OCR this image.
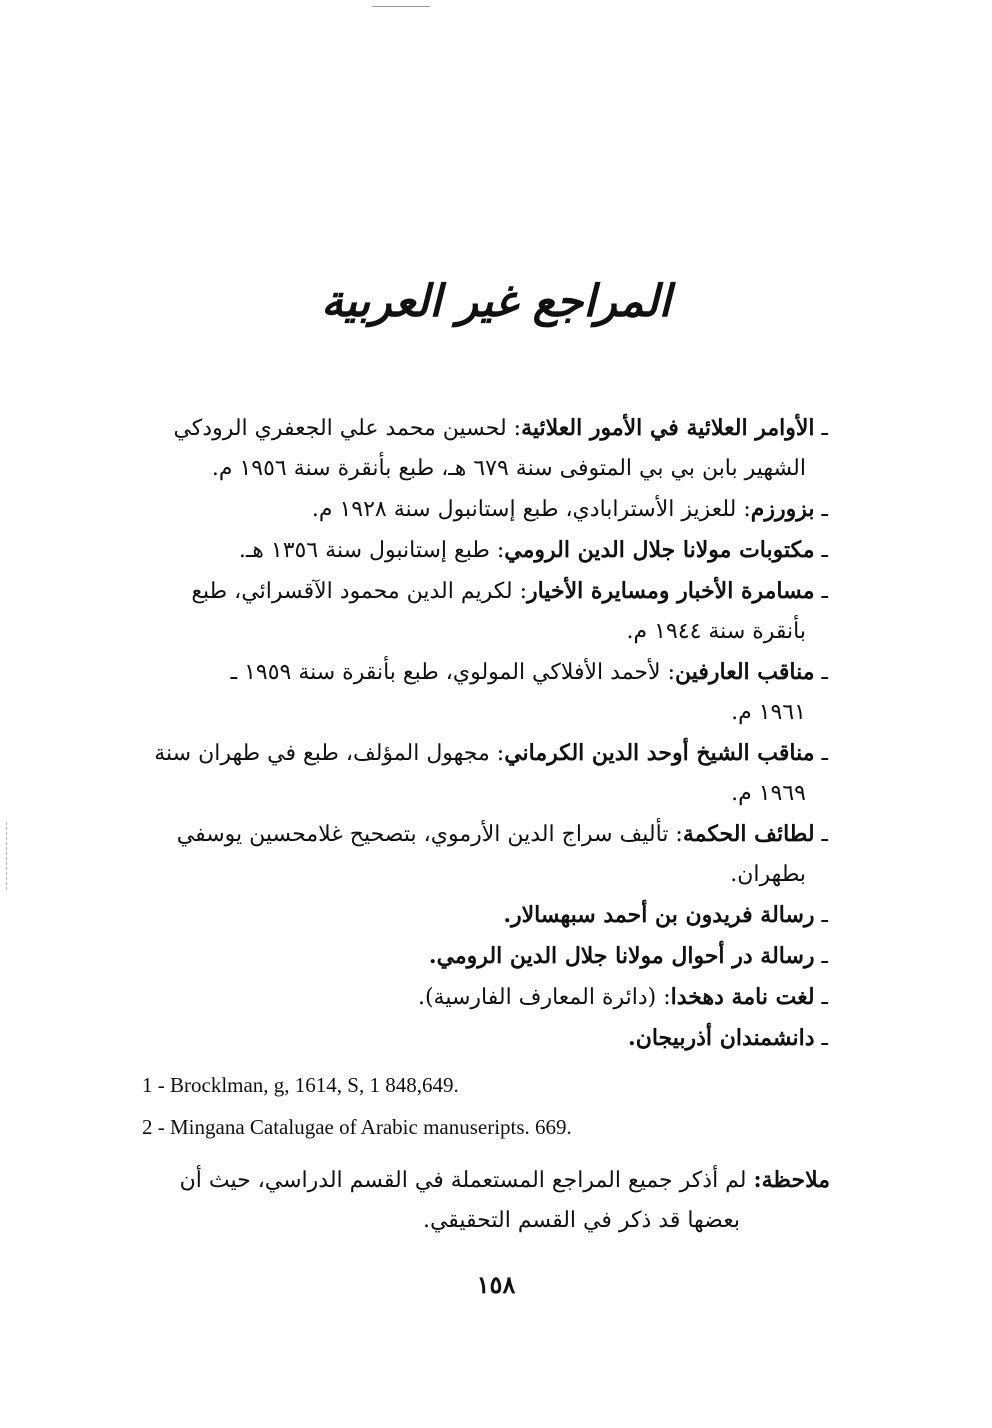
المراجع غير العربية
ـ الأوامر العلائية في الأمور العلائية: لحسين محمد علي الجعفري الرودكي
الشهير بابن بي بي المتوفى سنة ٦٧٩ هـ، طبع بأنقرة سنة ١٩٥٦ م.
ـ بزورزم: للعزيز الأسترابادي، طبع إستانبول سنة ١٩٢٨ م.
ـ مكتوبات مولانا جلال الدين الرومي: طبع إستانبول سنة ١٣٥٦ هـ.
ـ مسامرة الأخبار ومسايرة الأخيار: لكريم الدين محمود الآقسرائي، طبع
بأنقرة سنة ١٩٤٤ م.
ـ مناقب العارفين: لأحمد الأفلاكي المولوي، طبع بأنقرة سنة ١٩٥٩ ـ
١٩٦١ م.
ـ مناقب الشيخ أوحد الدين الكرماني: مجهول المؤلف، طبع في طهران سنة
١٩٦٩ م.
ـ لطائف الحكمة: تأليف سراج الدين الأرموي، بتصحيح غلامحسين يوسفي
بطهران.
ـ رسالة فريدون بن أحمد سبهسالار.
ـ رسالة در أحوال مولانا جلال الدين الرومي.
ـ لغت نامة دهخدا: (دائرة المعارف الفارسية).
ـ دانشمندان أذربيجان.

1 - Brocklman, g, 1614, S, 1 848,649.

2 - Mingana Catalugae of Arabic manuseripts. 669.

ملاحظة: لم أذكر جميع المراجع المستعملة في القسم الدراسي، حيث أن

بعضها قد ذكر في القسم التحقيقي.

١٥٨
